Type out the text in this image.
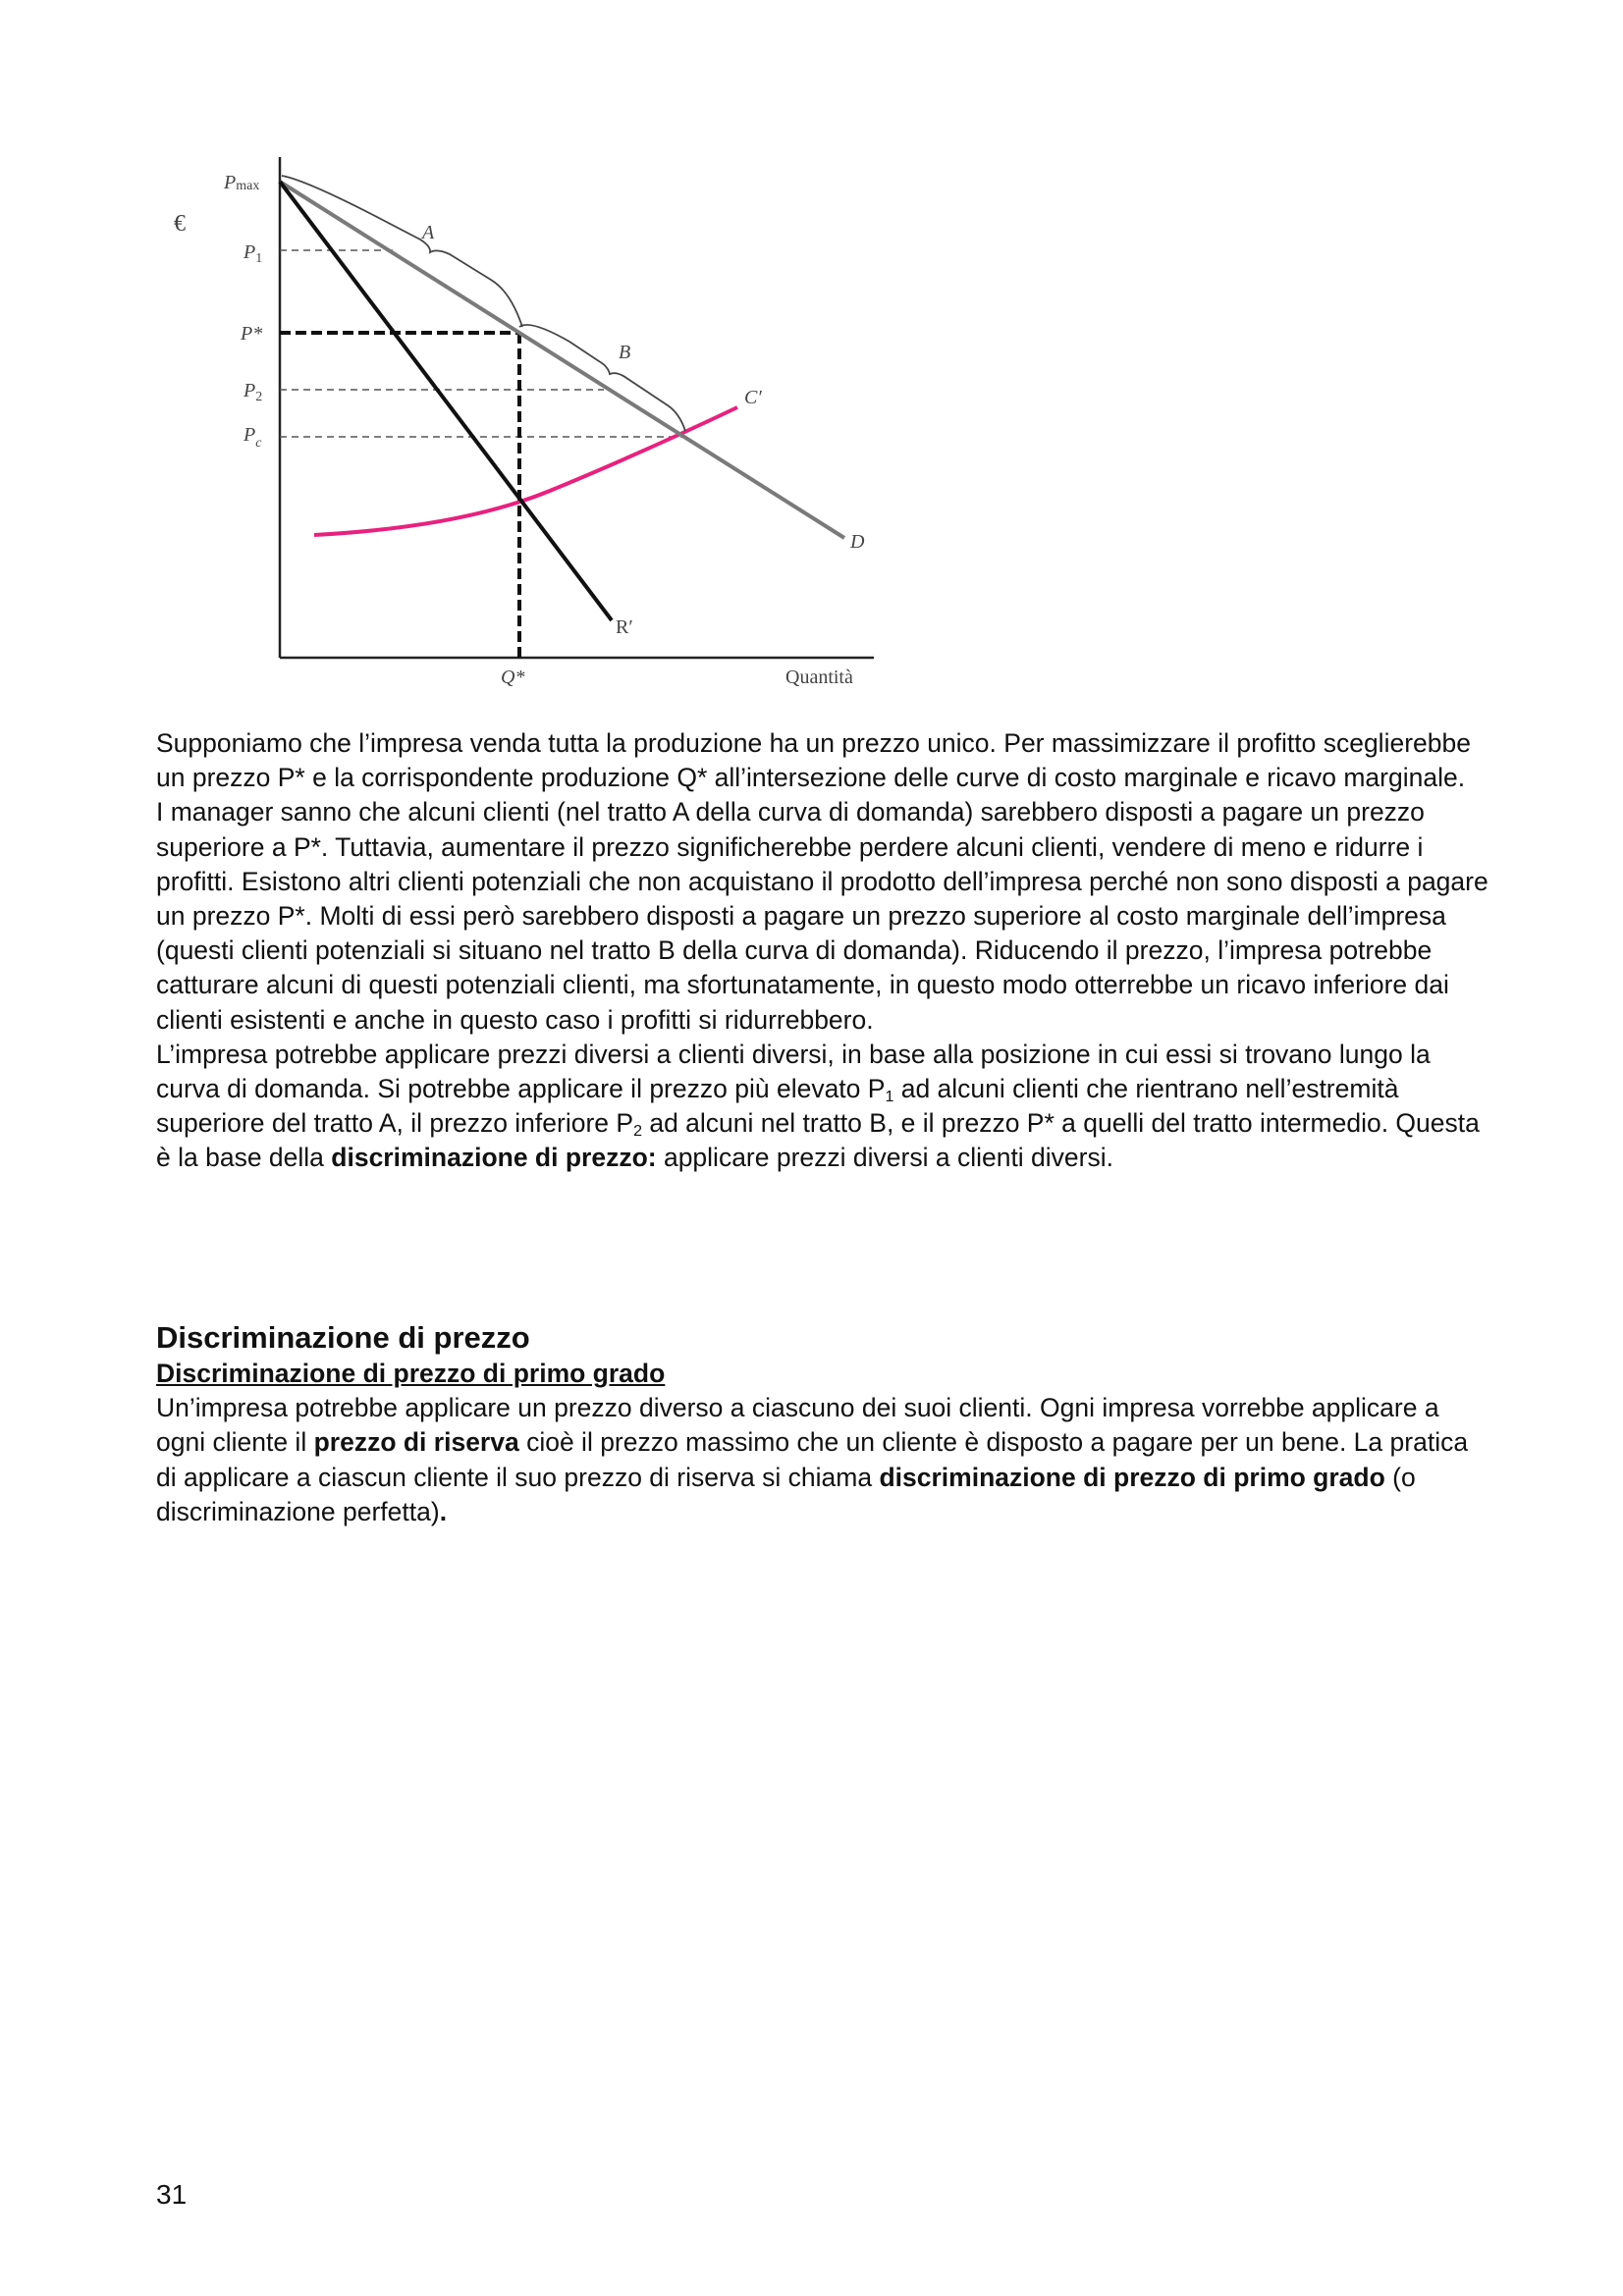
€
Pmax
$P_1$
P*
$P_2$
$P_c$
Q*	Quantità
A
B
C′
D
R′

Supponiamo che l’impresa venda tutta la produzione ha un prezzo unico. Per massimizzare il profitto sceglierebbe un prezzo P* e la corrispondente produzione Q* all’intersezione delle curve di costo marginale e ricavo marginale.

I manager sanno che alcuni clienti (nel tratto A della curva di domanda) sarebbero disposti a pagare un prezzo superiore a P*. Tuttavia, aumentare il prezzo significherebbe perdere alcuni clienti, vendere di meno e ridurre i profitti. Esistono altri clienti potenziali che non acquistano il prodotto dell’impresa perché non sono disposti a pagare un prezzo P*. Molti di essi però sarebbero disposti a pagare un prezzo superiore al costo marginale dell’impresa (questi clienti potenziali si situano nel tratto B della curva di domanda). Riducendo il prezzo, l’impresa potrebbe catturare alcuni di questi potenziali clienti, ma sfortunatamente, in questo modo otterrebbe un ricavo inferiore dai clienti esistenti e anche in questo caso i profitti si ridurrebbero.

L’impresa potrebbe applicare prezzi diversi a clienti diversi, in base alla posizione in cui essi si trovano lungo la curva di domanda. Si potrebbe applicare il prezzo più elevato $P_1$ ad alcuni clienti che rientrano nell’estremità superiore del tratto A, il prezzo inferiore $P_2$ ad alcuni nel tratto B, e il prezzo P* a quelli del tratto intermedio. Questa è la base della discriminazione di prezzo: applicare prezzi diversi a clienti diversi.

Discriminazione di prezzo
Discriminazione di prezzo di primo grado

Un’impresa potrebbe applicare un prezzo diverso a ciascuno dei suoi clienti. Ogni impresa vorrebbe applicare a ogni cliente il prezzo di riserva cioè il prezzo massimo che un cliente è disposto a pagare per un bene. La pratica di applicare a ciascun cliente il suo prezzo di riserva si chiama discriminazione di prezzo di primo grado (o discriminazione perfetta).

31
